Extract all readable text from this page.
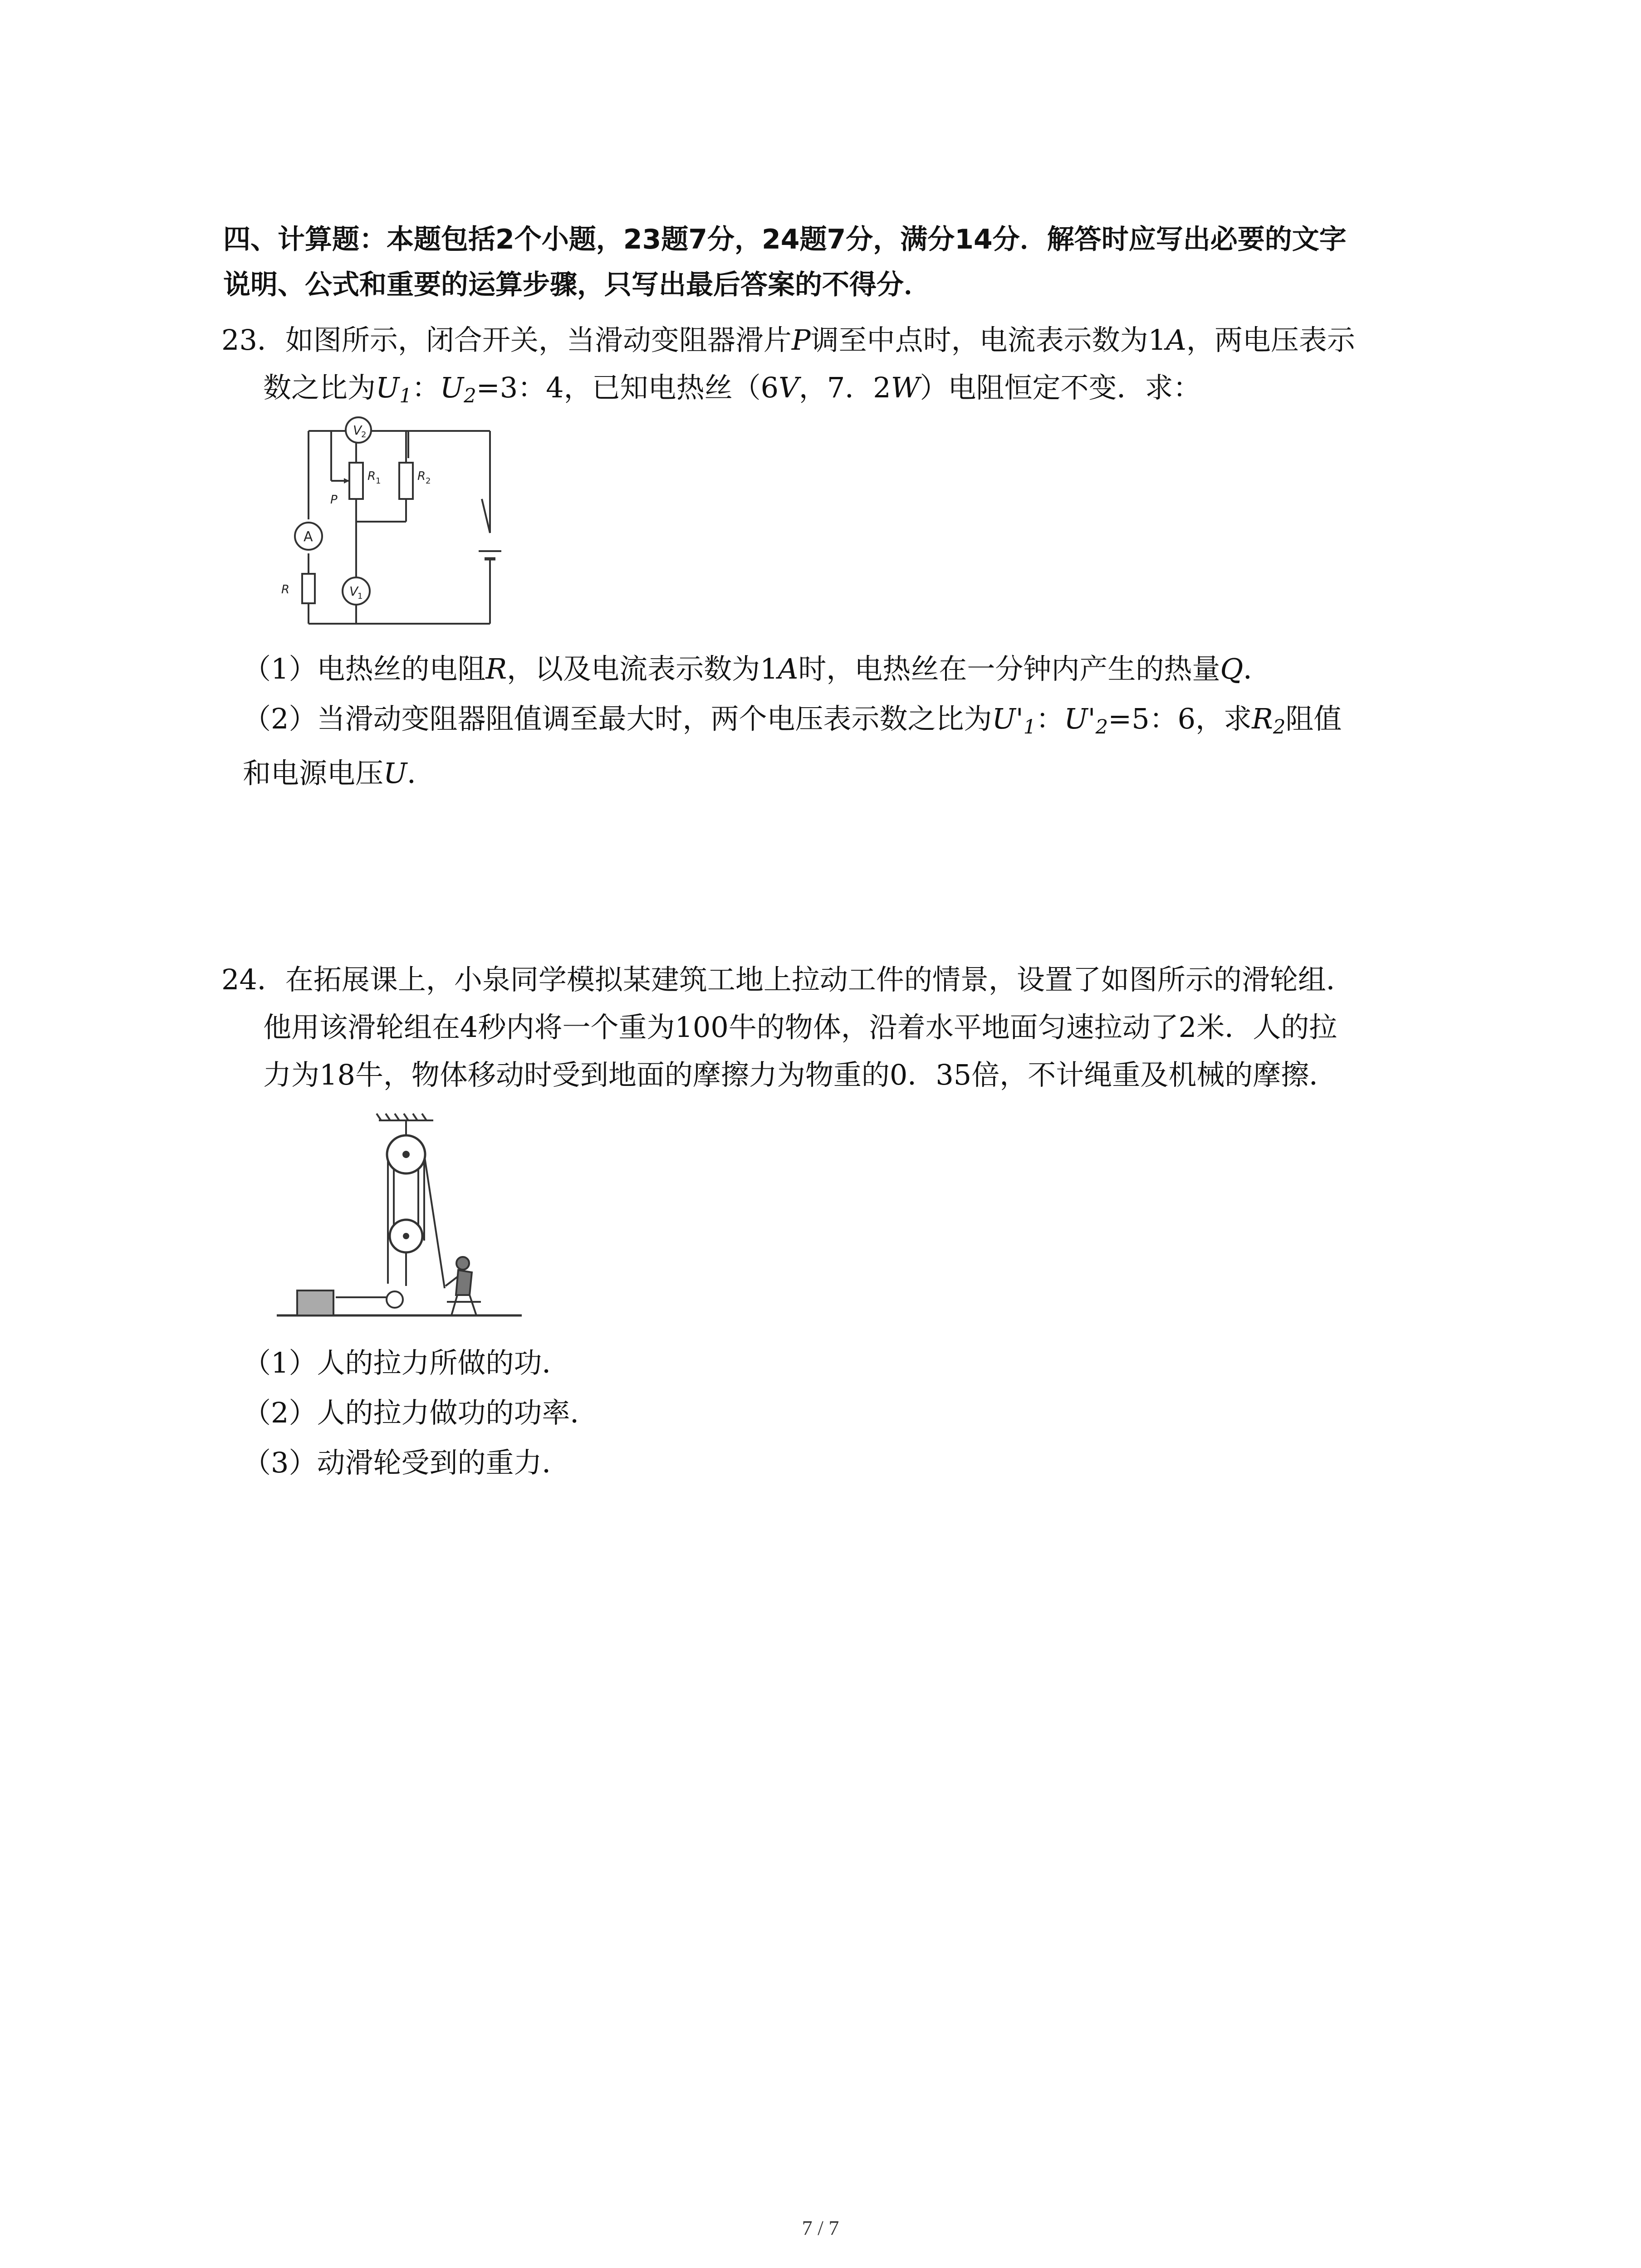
四、计算题：本题包括2个小题，23题7分，24题7分，满分14分．解答时应写出必要的文字
说明、公式和重要的运算步骤，只写出最后答案的不得分．
23．如图所示，闭合开关，当滑动变阻器滑片P调至中点时，电流表示数为1A，两电压表示
数之比为$U_1$：$U_2=3$：4，已知电热丝（6V，7．2W）电阻恒定不变．求：
V
2
R 1	R 2
P
A
R	V
1
（1）电热丝的电阻R，以及电流表示数为1A时，电热丝在一分钟内产生的热量Q．
（2）当滑动变阻器阻值调至最大时，两个电压表示数之比为$U'_1$：$U'_2=5$：6，求$R_2$阻值
和电源电压U．
24．在拓展课上，小泉同学模拟某建筑工地上拉动工件的情景，设置了如图所示的滑轮组．
他用该滑轮组在4秒内将一个重为100牛的物体，沿着水平地面匀速拉动了2米．人的拉
力为18牛，物体移动时受到地面的摩擦力为物重的0．35倍，不计绳重及机械的摩擦．
（1）人的拉力所做的功．
（2）人的拉力做功的功率．
（3）动滑轮受到的重力．
7 / 7
